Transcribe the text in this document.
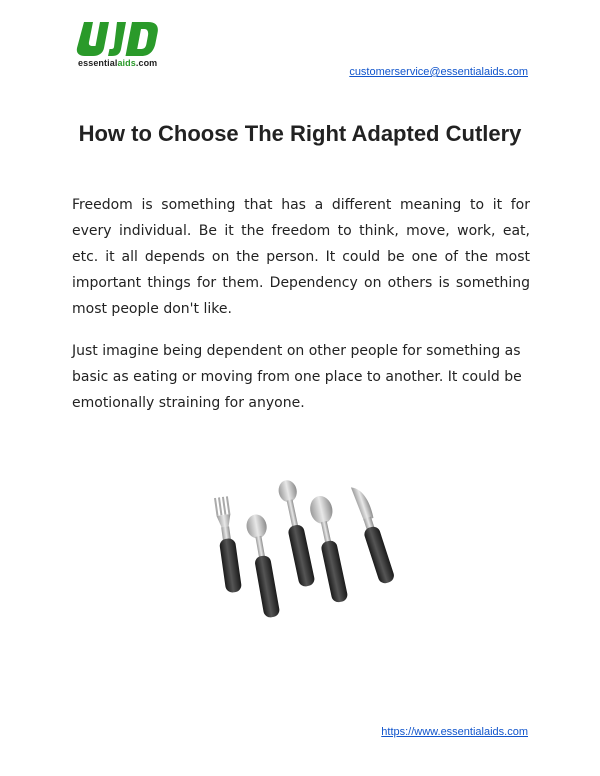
essentialaids.com
customerservice@essentialaids.com
How to Choose The Right Adapted Cutlery

Freedom is something that has a different meaning to it for every individual. Be it the freedom to think, move, work, eat, etc. it all depends on the person. It could be one of the most important things for them. Dependency on others is something most people don't like.

Just imagine being dependent on other people for something as basic as eating or moving from one place to another. It could be emotionally straining for anyone.

https://www.essentialaids.com
